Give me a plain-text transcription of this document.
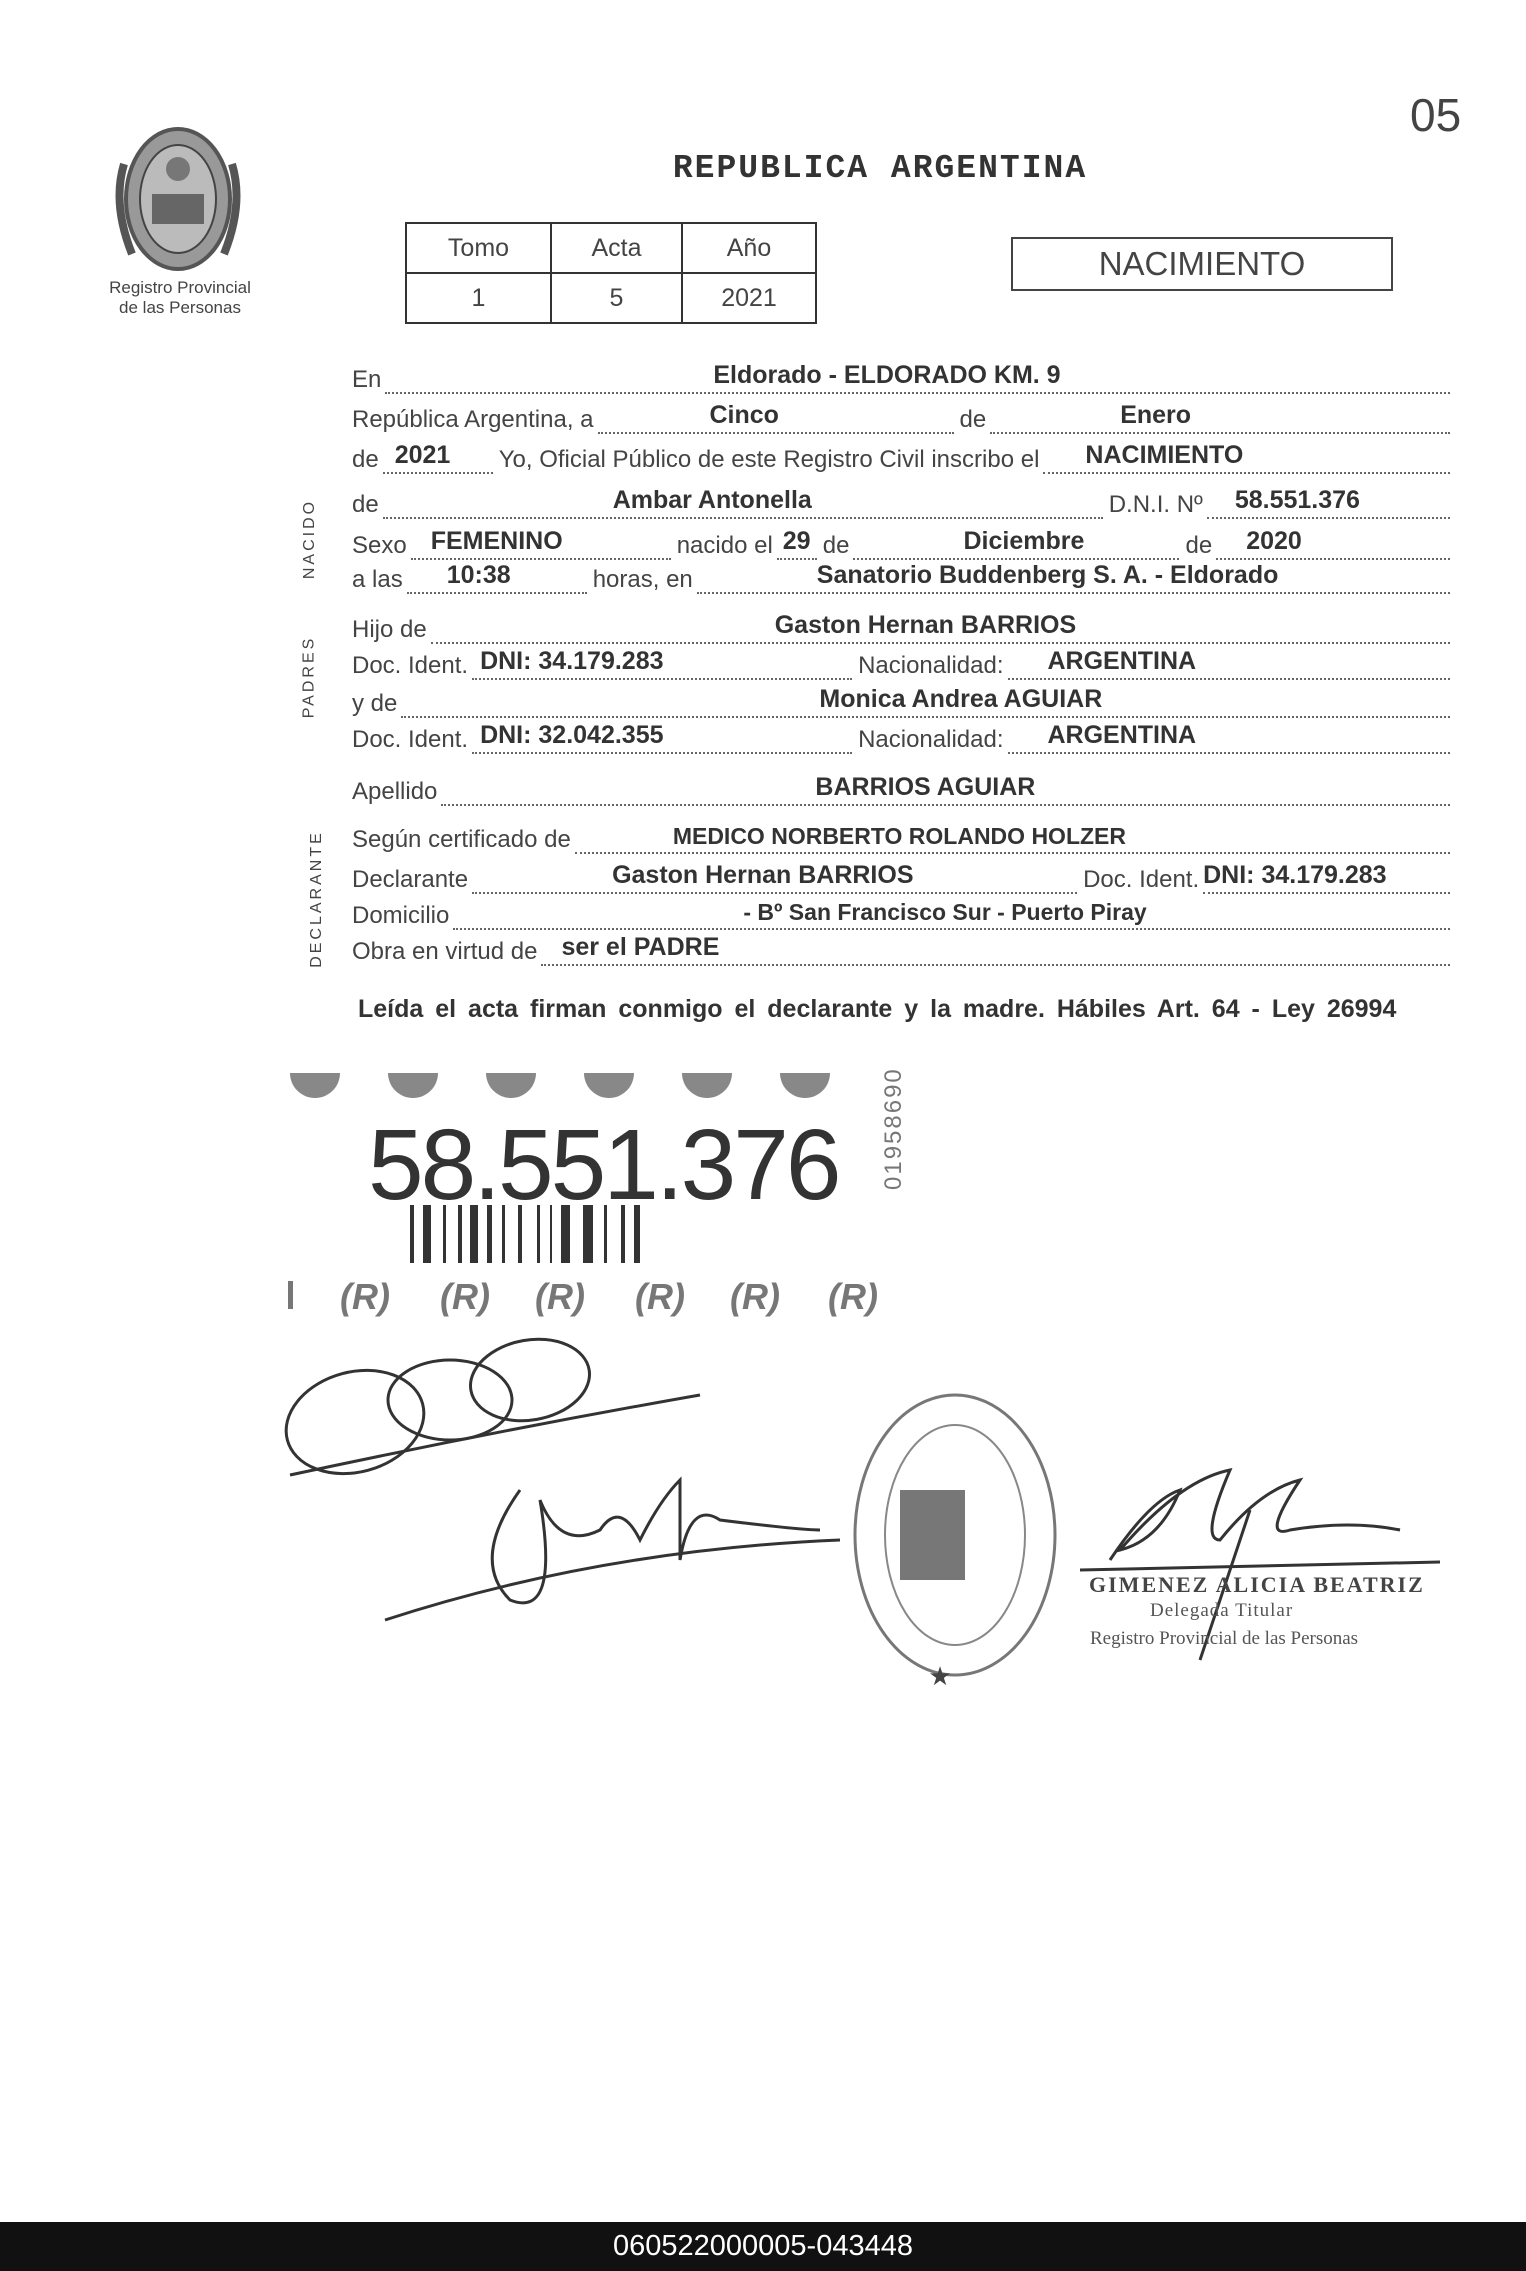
05
Registro Provincial
de las Personas
REPUBLICA ARGENTINA
Tomo	Acta	Año
1	5	2021
NACIMIENTO
NACIDO
PADRES
DECLARANTE
En	Eldorado - ELDORADO KM. 9
República Argentina, a	Cinco	de	Enero
de 2021 Yo, Oficial Público de este Registro Civil inscribo el NACIMIENTO
de	Ambar Antonella	D.N.I. Nº 58.551.376
Sexo FEMENINO	nacido el 29 de	Diciembre	de 2020
a las 10:38	horas, en	Sanatorio Buddenberg S. A. - Eldorado
Hijo de	Gaston Hernan BARRIOS
Doc. Ident. DNI: 34.179.283	Nacionalidad: ARGENTINA
y de	Monica Andrea AGUIAR
Doc. Ident. DNI: 32.042.355	Nacionalidad: ARGENTINA
Apellido	BARRIOS AGUIAR
Según certificado de	MEDICO NORBERTO ROLANDO HOLZER
Declarante	Gaston Hernan BARRIOS	Doc. Ident. DNI: 34.179.283
Domicilio	- Bº San Francisco Sur - Puerto Piray
Obra en virtud de ser el PADRE
Leída el acta firman conmigo el declarante y la madre. Hábiles Art. 64 - Ley 26994
(R) (R) (R) (R) (R) (R)
58.551.376 01958690
★
GIMENEZ ALICIA BEATRIZ
Delegada Titular
Registro Provincial de las Personas
060522000005-043448
